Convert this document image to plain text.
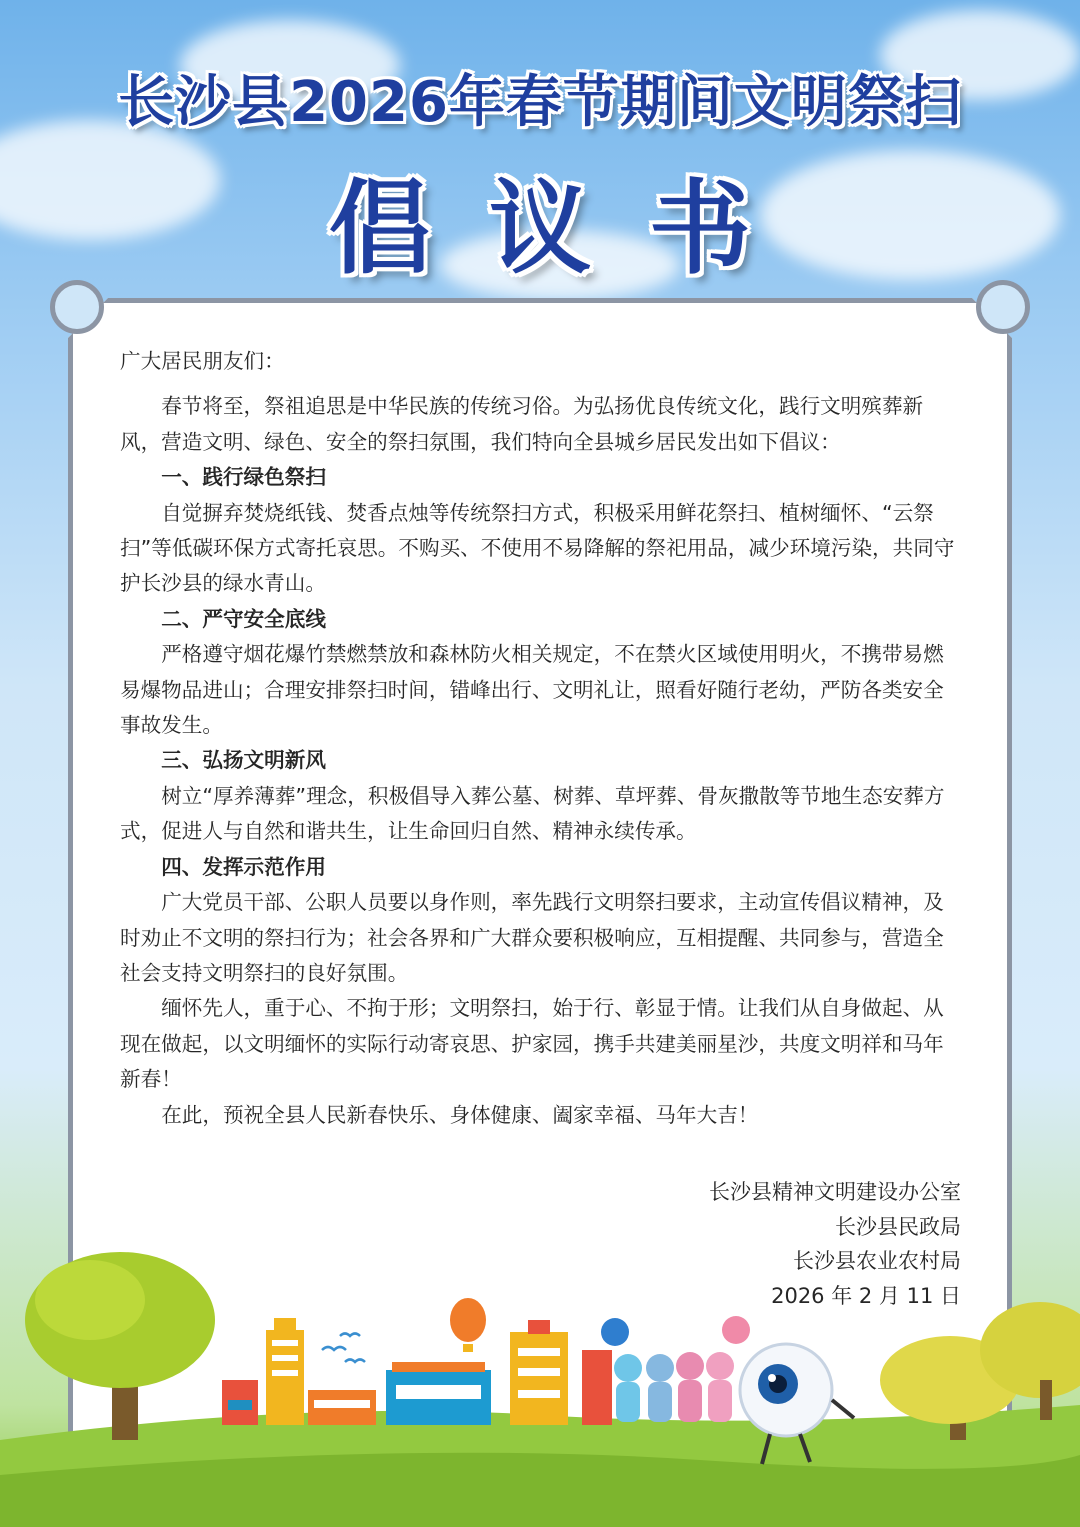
长沙县2026年春节期间文明祭扫
倡议书

广大居民朋友们：

春节将至，祭祖追思是中华民族的传统习俗。为弘扬优良传统文化，践行文明殡葬新风，营造文明、绿色、安全的祭扫氛围，我们特向全县城乡居民发出如下倡议：

一、践行绿色祭扫

自觉摒弃焚烧纸钱、焚香点烛等传统祭扫方式，积极采用鲜花祭扫、植树缅怀、“云祭扫”等低碳环保方式寄托哀思。不购买、不使用不易降解的祭祀用品，减少环境污染，共同守护长沙县的绿水青山。

二、严守安全底线

严格遵守烟花爆竹禁燃禁放和森林防火相关规定，不在禁火区域使用明火，不携带易燃易爆物品进山；合理安排祭扫时间，错峰出行、文明礼让，照看好随行老幼，严防各类安全事故发生。

三、弘扬文明新风

树立“厚养薄葬”理念，积极倡导入葬公墓、树葬、草坪葬、骨灰撒散等节地生态安葬方式，促进人与自然和谐共生，让生命回归自然、精神永续传承。

四、发挥示范作用

广大党员干部、公职人员要以身作则，率先践行文明祭扫要求，主动宣传倡议精神，及时劝止不文明的祭扫行为；社会各界和广大群众要积极响应，互相提醒、共同参与，营造全社会支持文明祭扫的良好氛围。

缅怀先人，重于心、不拘于形；文明祭扫，始于行、彰显于情。让我们从自身做起、从现在做起，以文明缅怀的实际行动寄哀思、护家园，携手共建美丽星沙，共度文明祥和马年新春！

在此，预祝全县人民新春快乐、身体健康、阖家幸福、马年大吉！

长沙县精神文明建设办公室
长沙县民政局
长沙县农业农村局
2026 年 2 月 11 日
